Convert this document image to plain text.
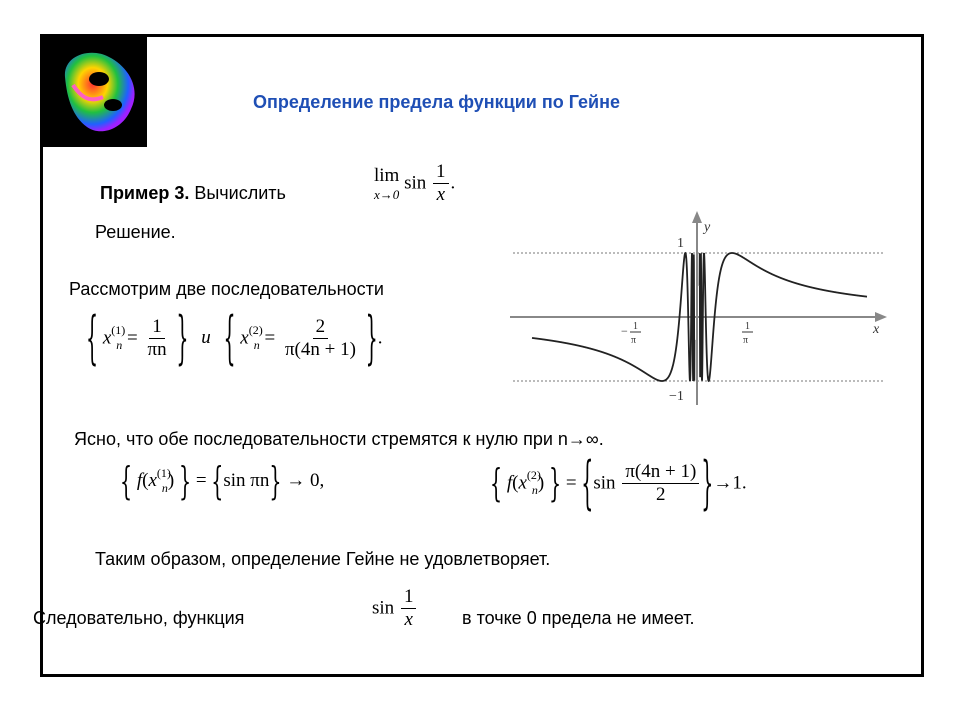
Определение предела функции по Гейне
Пример 3. Вычислить
lim
x→0
$\sin \frac{1}{x}$ .
Решение.
Рассмотрим две последовательности
{ $x^{(1)}_n = \frac{1}{\pi n}$ } и { $x^{(2)}_n = \frac{2}{\pi(4n + 1)}$ }.
y
x
1
−1
− 1
π
1
π
Ясно, что обе последовательности стремятся к нулю при n→∞.
{ $f(x^{(1)}_n)$ } = {sin πn} → 0,	{ $f(x^{(2)}_n)$ } = $\{\sin \frac{\pi(4n + 1)}{2} \}\to 1$.
Таким образом, определение Гейне не удовлетворяет.
Следовательно, функция	$\sin \frac{1}{x}$	в точке 0 предела не имеет.
